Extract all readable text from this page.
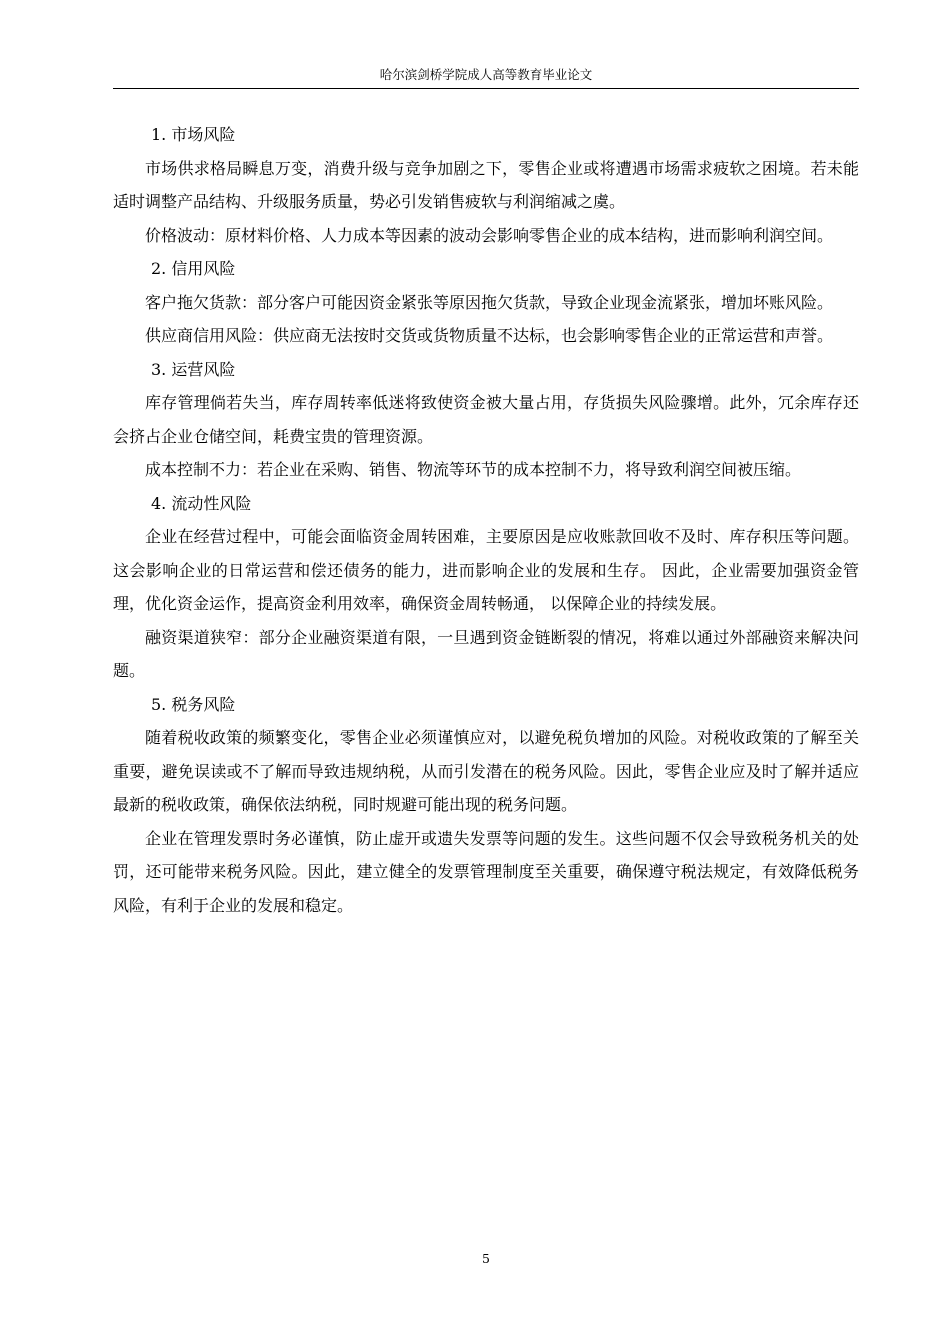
哈尔滨剑桥学院成人高等教育毕业论文

1. 市场风险

市场供求格局瞬息万变，消费升级与竞争加剧之下，零售企业或将遭遇市场需求疲软之困境。若未能适时调整产品结构、升级服务质量，势必引发销售疲软与利润缩减之虞。

价格波动：原材料价格、人力成本等因素的波动会影响零售企业的成本结构，进而影响利润空间。

2. 信用风险

客户拖欠货款：部分客户可能因资金紧张等原因拖欠货款，导致企业现金流紧张，增加坏账风险。

供应商信用风险：供应商无法按时交货或货物质量不达标，也会影响零售企业的正常运营和声誉。

3. 运营风险

库存管理倘若失当，库存周转率低迷将致使资金被大量占用，存货损失风险骤增。此外，冗余库存还会挤占企业仓储空间，耗费宝贵的管理资源。

成本控制不力：若企业在采购、销售、物流等环节的成本控制不力，将导致利润空间被压缩。

4. 流动性风险

企业在经营过程中，可能会面临资金周转困难，主要原因是应收账款回收不及时、库存积压等问题。这会影响企业的日常运营和偿还债务的能力，进而影响企业的发展和生存。 因此，企业需要加强资金管理，优化资金运作，提高资金利用效率，确保资金周转畅通， 以保障企业的持续发展。

融资渠道狭窄：部分企业融资渠道有限，一旦遇到资金链断裂的情况，将难以通过外部融资来解决问题。

5. 税务风险

随着税收政策的频繁变化，零售企业必须谨慎应对，以避免税负增加的风险。对税收政策的了解至关重要，避免误读或不了解而导致违规纳税，从而引发潜在的税务风险。因此，零售企业应及时了解并适应最新的税收政策，确保依法纳税，同时规避可能出现的税务问题。

企业在管理发票时务必谨慎，防止虚开或遗失发票等问题的发生。这些问题不仅会导致税务机关的处罚，还可能带来税务风险。因此，建立健全的发票管理制度至关重要，确保遵守税法规定，有效降低税务风险，有利于企业的发展和稳定。

5
